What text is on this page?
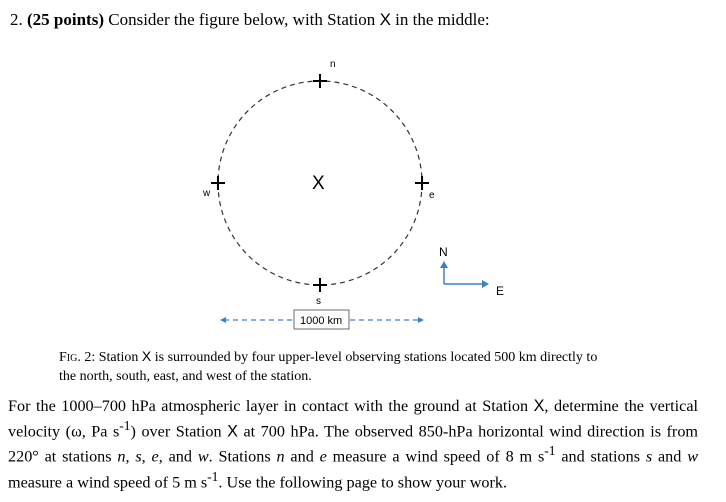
2. (25 points) Consider the figure below, with Station X in the middle:
n
s
w	e
X
N
E
1000 km
Fig. 2: Station X is surrounded by four upper-level observing stations located 500 km directly to
the north, south, east, and west of the station.
For the 1000–700 hPa atmospheric layer in contact with the ground at Station X, determine the vertical velocity (ω, Pa $s^{-1}$) over Station X at 700 hPa. The observed 850-hPa horizontal wind direction is from 220° at stations n, s, e, and w. Stations n and e measure a wind speed of 8 m $s^{-1}$ and stations s and w measure a wind speed of 5 m $s^{-1}$. Use the following page to show your work.
